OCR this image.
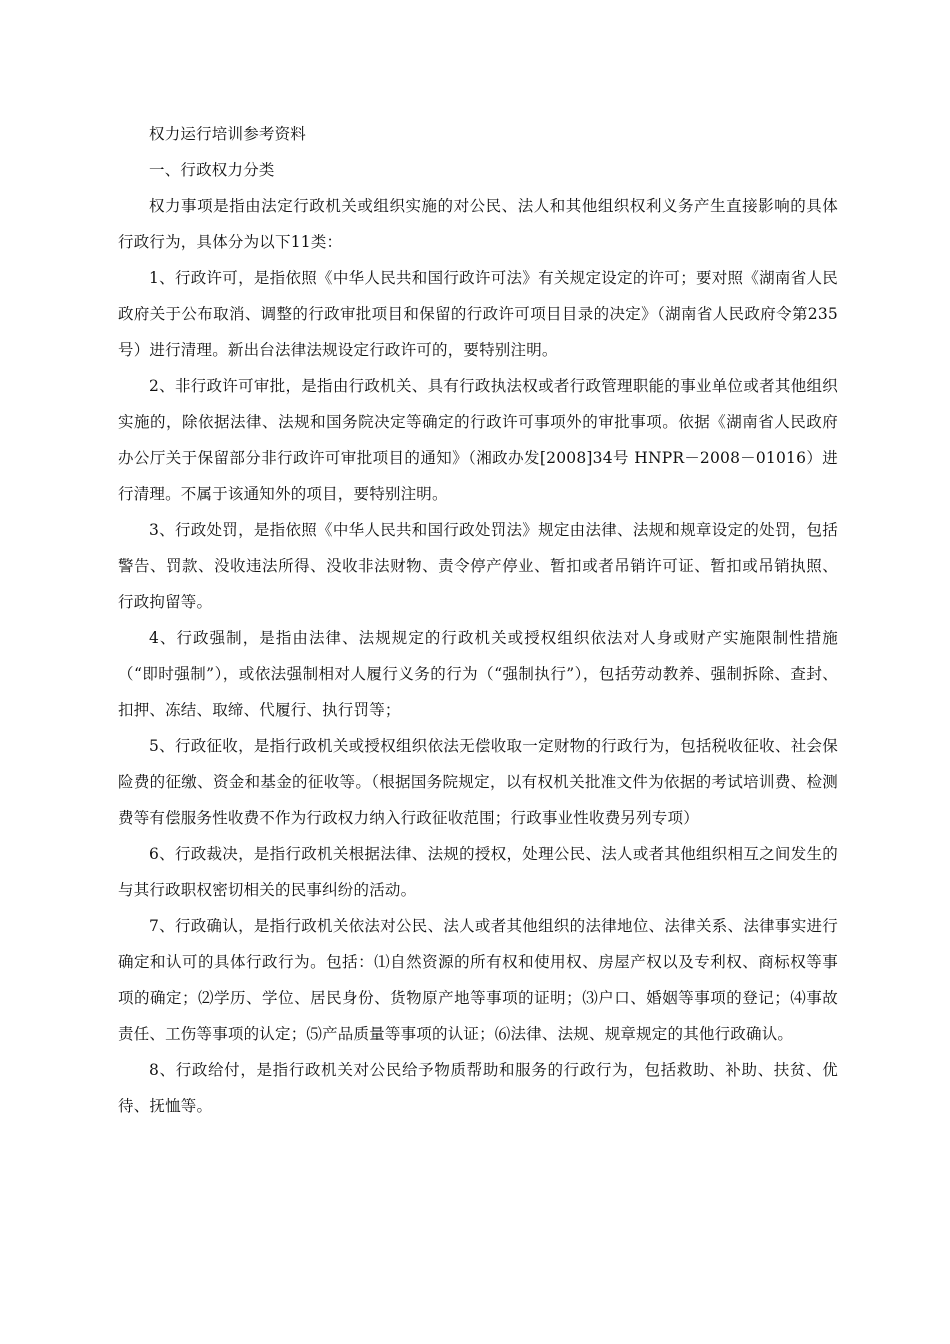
权力运行培训参考资料

一、行政权力分类

权力事项是指由法定行政机关或组织实施的对公民、法人和其他组织权利义务产生直接影响的具体行政行为，具体分为以下11类：

1、行政许可，是指依照《中华人民共和国行政许可法》有关规定设定的许可；要对照《湖南省人民政府关于公布取消、调整的行政审批项目和保留的行政许可项目目录的决定》（湖南省人民政府令第235号）进行清理。新出台法律法规设定行政许可的，要特别注明。

2、非行政许可审批，是指由行政机关、具有行政执法权或者行政管理职能的事业单位或者其他组织实施的，除依据法律、法规和国务院决定等确定的行政许可事项外的审批事项。依据《湖南省人民政府办公厅关于保留部分非行政许可审批项目的通知》（湘政办发[2008]34号 HNPR－2008－01016）进行清理。不属于该通知外的项目，要特别注明。

3、行政处罚，是指依照《中华人民共和国行政处罚法》规定由法律、法规和规章设定的处罚，包括警告、罚款、没收违法所得、没收非法财物、责令停产停业、暂扣或者吊销许可证、暂扣或吊销执照、行政拘留等。

4、行政强制，是指由法律、法规规定的行政机关或授权组织依法对人身或财产实施限制性措施（“即时强制”），或依法强制相对人履行义务的行为（“强制执行”），包括劳动教养、强制拆除、查封、扣押、冻结、取缔、代履行、执行罚等；

5、行政征收，是指行政机关或授权组织依法无偿收取一定财物的行政行为，包括税收征收、社会保险费的征缴、资金和基金的征收等。（根据国务院规定，以有权机关批准文件为依据的考试培训费、检测费等有偿服务性收费不作为行政权力纳入行政征收范围；行政事业性收费另列专项）

6、行政裁决，是指行政机关根据法律、法规的授权，处理公民、法人或者其他组织相互之间发生的与其行政职权密切相关的民事纠纷的活动。

7、行政确认，是指行政机关依法对公民、法人或者其他组织的法律地位、法律关系、法律事实进行确定和认可的具体行政行为。包括：⑴自然资源的所有权和使用权、房屋产权以及专利权、商标权等事项的确定；⑵学历、学位、居民身份、货物原产地等事项的证明；⑶户口、婚姻等事项的登记；⑷事故责任、工伤等事项的认定；⑸产品质量等事项的认证；⑹法律、法规、规章规定的其他行政确认。

8、行政给付，是指行政机关对公民给予物质帮助和服务的行政行为，包括救助、补助、扶贫、优待、抚恤等。
